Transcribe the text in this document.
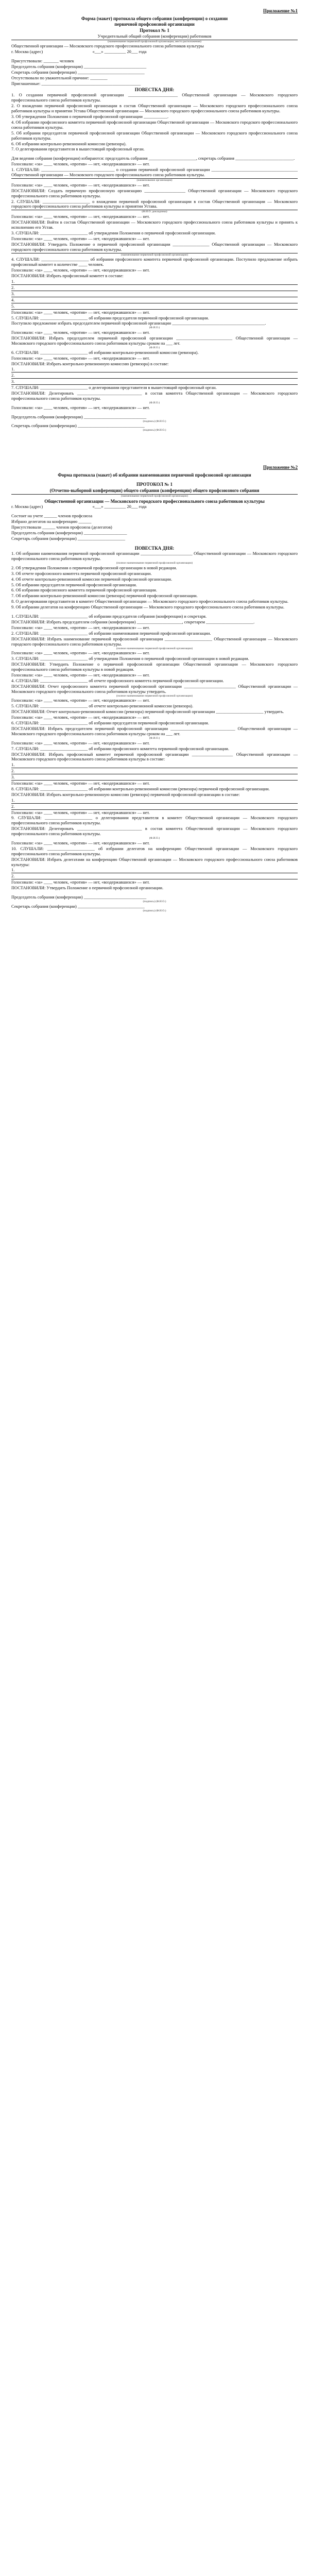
Приложение №1
Форма (макет) протокола общего собрания (конференции) о создании
первичной профсоюзной организации
Протокол № 1
Учредительный общий собрания (конференции) работников
(наименование первичной профсоюзной организации, место расположения)
Общественной организации — Московского городского профессионального союза работников культуры
г. Москва (адрес)                                              «___» __________ 20___ года
Присутствовали: _______ человек
Председатель собрания (конференции) _____________________________
Секретарь собрания (конференции) _______________________________
Отсутствовали по уважительной причине: ________
Приглашенные: ______________________________________________
ПОВЕСТКА ДНЯ:
1. О создании первичной профсоюзной организации _______________________ Общественной организации — Московского городского профессионального союза работников культуры.
2. О вхождении первичной профсоюзной организации в состав Общественной организации — Московского городского профессионального союза работников культуры и принятии Устава Общественной организации — Московского городского профессионального союза работников культуры.
3. Об утверждении Положения о первичной профсоюзной организации ___________.
4. Об избрании профсоюзного комитета первичной профсоюзной организации Общественной организации — Московского городского профессионального союза работников культуры.
5. Об избрании председателя первичной профсоюзной организации Общественной организации — Московского городского профессионального союза работников культуры.
6. Об избрании контрольно-ревизионной комиссии (ревизора).
7. О делегировании представителя в вышестоящий профсоюзный орган.
Для ведения собрания (конференции) избираются: председатель собрания ______________________, секретарь собрания ___________________________.
Голосовали: «за» ____ человек, «против» — нет, «воздержавшихся» — нет.
1. СЛУШАЛИ: __________________________________ о создании первичной профсоюзной организации ________________________________________ Общественной организации — Московского городского профессионального союза работников культуры.
(наименование организации)
Голосовали: «за» ____ человек, «против» — нет, «воздержавшихся» — нет.
ПОСТАНОВИЛИ: Создать первичную профсоюзную организацию ___________________ Общественной организации — Московского городского профессионального союза работников культуры.
2. СЛУШАЛИ: ______________________ о вхождении первичной профсоюзной организации в состав Общественной организации — Московского городского профессионального союза работников культуры и принятии Устава.
(Ф.И.О. докладчика)
Голосовали: «за» ____ человек, «против» — нет, «воздержавшихся» — нет.
ПОСТАНОВИЛИ: Войти в состав Общественной организации — Московского городского профессионального союза работников культуры и принять к исполнению его Устав.
3. СЛУШАЛИ: ______________________ об утверждении Положения о первичной профсоюзной организации.
Голосовали: «за» ____ человек, «против» — нет, «воздержавшихся» — нет.
ПОСТАНОВИЛИ: Утвердить Положение о первичной профсоюзной организации _________________ Общественной организации — Московского городского профессионального союза работников культуры.
(наименование первичной профсоюзной организации)
4. СЛУШАЛИ: ______________________ об избрании профсоюзного комитета первичной профсоюзной организации. Поступило предложение избрать профсоюзный комитет в количестве ____ человек.
Голосовали: «за» ____ человек, «против» — нет, «воздержавшихся» — нет.
ПОСТАНОВИЛИ: Избрать профсоюзный комитет в составе:
1.
2.
3.
4.
5.
Голосовали: «за» ____ человек, «против» — нет, «воздержавшихся» — нет.
5. СЛУШАЛИ: ______________________ об избрании председателя первичной профсоюзной организации.
Поступило предложение избрать председателем первичной профсоюзной организации ___________________________________________.
(Ф.И.О.)
Голосовали: «за» ____ человек, «против» — нет, «воздержавшихся» — нет.
ПОСТАНОВИЛИ: Избрать председателем первичной профсоюзной организации __________________________ Общественной организации — Московского городского профессионального союза работников культуры сроком на ___ лет.
(Ф.И.О.)
6. СЛУШАЛИ: ______________________ об избрании контрольно-ревизионной комиссии (ревизора).
Голосовали: «за» ____ человек, «против» — нет, «воздержавшихся» — нет.
ПОСТАНОВИЛИ: Избрать контрольно-ревизионную комиссию (ревизора) в составе:
1.
2.
3.
7. СЛУШАЛИ: ______________________ о делегировании представителя в вышестоящий профсоюзный орган.
ПОСТАНОВИЛИ: Делегировать ______________________________ в состав комитета Общественной организации — Московского городского профессионального союза работников культуры.
(Ф.И.О.)
Голосовали: «за» ____ человек, «против» — нет, «воздержавшихся» — нет.
Председатель собрания (конференции) _____________________________
(подпись) (Ф.И.О.)
Секретарь собрания (конференции) _______________________________
(подпись) (Ф.И.О.)
Приложение №2
Форма протокола (макет) об избрании наименования первичной профсоюзной организации
ПРОТОКОЛ № 1
(Отчетно-выборной конференции) общего собрания (конференции) общего профсоюзного собрания
(наименование первичной профсоюзной организации)
Общественной организации — Московского городского профессионального союза работников культуры
г. Москва (адрес)                                              «___» __________ 20___ года
Состоит на учете ______ членов профсоюза
Избрано делегатов на конференцию ______
Присутствовали ______ членов профсоюза (делегатов)
Председатель собрания (конференции) ____________________
Секретарь собрания (конференции) ______________________
ПОВЕСТКА ДНЯ:
1. Об избрании наименования первичной профсоюзной организации ________________________ Общественной организации — Московского городского профессионального союза работников культуры.
(полное наименование первичной профсоюзной организации)
2. Об утверждении Положения о первичной профсоюзной организации в новой редакции.
3. Об отчете профсоюзного комитета первичной профсоюзной организации.
4. Об отчете контрольно-ревизионной комиссии первичной профсоюзной организации.
5. Об избрании председателя первичной профсоюзной организации.
6. Об избрании профсоюзного комитета первичной профсоюзной организации.
7. Об избрании контрольно-ревизионной комиссии (ревизора) первичной профсоюзной организации.
8. О делегировании представителя в комитет Общественной организации — Московского городского профессионального союза работников культуры.
9. Об избрании делегатов на конференцию Общественной организации — Московского городского профессионального союза работников культуры.
1. СЛУШАЛИ: ______________________ об избрании председателя собрания (конференции) и секретаря.
ПОСТАНОВИЛИ: Избрать председателем собрания (конференции) _____________________, секретарем ______________________.
Голосовали: «за» ____ человек, «против» — нет, «воздержавшихся» — нет.
2. СЛУШАЛИ: ______________________ об избрании наименования первичной профсоюзной организации.
ПОСТАНОВИЛИ: Избрать наименование первичной профсоюзной организации ______________________ Общественной организации — Московского городского профессионального союза работников культуры.
(полное наименование первичной профсоюзной организации)
Голосовали: «за» ____ человек, «против» — нет, «воздержавшихся» — нет.
3. СЛУШАЛИ: ______________________ об утверждении Положения о первичной профсоюзной организации в новой редакции.
ПОСТАНОВИЛИ: Утвердить Положение о первичной профсоюзной организации Общественной организации — Московского городского профессионального союза работников культуры в новой редакции.
Голосовали: «за» ____ человек, «против» — нет, «воздержавшихся» — нет.
4. СЛУШАЛИ: ______________________ об отчете профсоюзного комитета первичной профсоюзной организации.
ПОСТАНОВИЛИ: Отчет профсоюзного комитета первичной профсоюзной организации ________________________ Общественной организации — Московского городского профессионального союза работников культуры утвердить.
(полное наименование первичной профсоюзной организации)
Голосовали: «за» ____ человек, «против» — нет, «воздержавшихся» — нет.
5. СЛУШАЛИ: ______________________ об отчете контрольно-ревизионной комиссии (ревизора).
ПОСТАНОВИЛИ: Отчет контрольно-ревизионной комиссии (ревизора) первичной профсоюзной организации ______________________ утвердить.
Голосовали: «за» ____ человек, «против» — нет, «воздержавшихся» — нет.
6. СЛУШАЛИ: ______________________ об избрании председателя первичной профсоюзной организации.
ПОСТАНОВИЛИ: Избрать председателем первичной профсоюзной организации ______________________________ Общественной организации — Московского городского профессионального союза работников культуры сроком на ___ лет.
(Ф.И.О.)
Голосовали: «за» ____ человек, «против» — нет, «воздержавшихся» — нет.
7. СЛУШАЛИ: ______________________ об избрании профсоюзного комитета первичной профсоюзной организации.
ПОСТАНОВИЛИ: Избрать профсоюзный комитет первичной профсоюзной организации ___________________ Общественной организации — Московского городского профессионального союза работников культуры в составе:
1.
2.
3.
Голосовали: «за» ____ человек, «против» — нет, «воздержавшихся» — нет.
8. СЛУШАЛИ: ______________________ об избрании контрольно-ревизионной комиссии (ревизора) первичной профсоюзной организации.
ПОСТАНОВИЛИ: Избрать контрольно-ревизионную комиссию (ревизора) первичной профсоюзной организации в составе:
1.
2.
Голосовали: «за» ____ человек, «против» — нет, «воздержавшихся» — нет.
9. СЛУШАЛИ: ______________________ о делегировании представителя в комитет Общественной организации — Московского городского профессионального союза работников культуры.
ПОСТАНОВИЛИ: Делегировать ______________________________ в состав комитета Общественной организации — Московского городского профессионального союза работников культуры.
(Ф.И.О.)
Голосовали: «за» ____ человек, «против» — нет, «воздержавшихся» — нет.
10. СЛУШАЛИ: ______________________ об избрании делегатов на конференцию Общественной организации — Московского городского профессионального союза работников культуры.
ПОСТАНОВИЛИ: Избрать делегатами на конференцию Общественной организации — Московского городского профессионального союза работников культуры:
1.
2.
Голосовали: «за» ____ человек, «против» — нет, «воздержавшихся» — нет.
ПОСТАНОВИЛИ: Утвердить Положение о первичной профсоюзной организации.
Председатель собрания (конференции) _____________________________
(подпись) (Ф.И.О.)
Секретарь собрания (конференции) _______________________________
(подпись) (Ф.И.О.)
